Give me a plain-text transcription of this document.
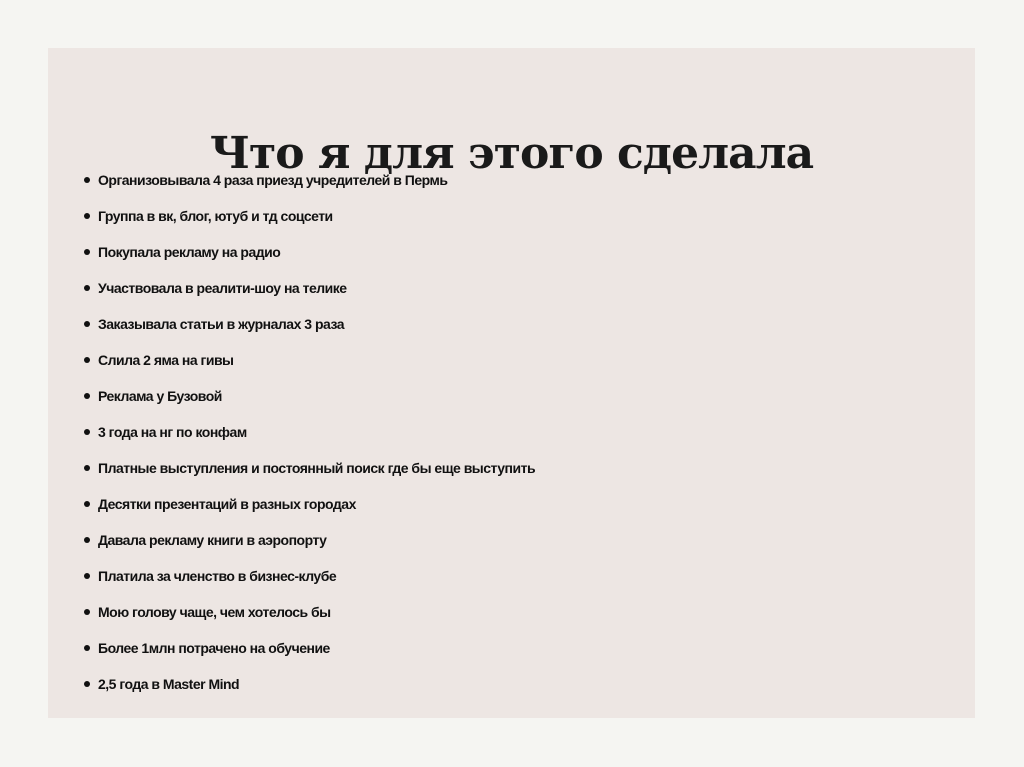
Что я для этого сделала
Организовывала 4 раза приезд учредителей в Пермь
Группа в вк, блог, ютуб и тд соцсети
Покупала рекламу на радио
Участвовала в реалити-шоу на телике
Заказывала статьи в журналах 3 раза
Слила 2 яма на гивы
Реклама у Бузовой
3 года на нг по конфам
Платные выступления и постоянный поиск где бы еще выступить
Десятки презентаций в разных городах
Давала рекламу книги в аэропорту
Платила за членство в бизнес-клубе
Мою голову чаще, чем хотелось бы
Более 1млн потрачено на обучение
2,5 года в Master Mind
